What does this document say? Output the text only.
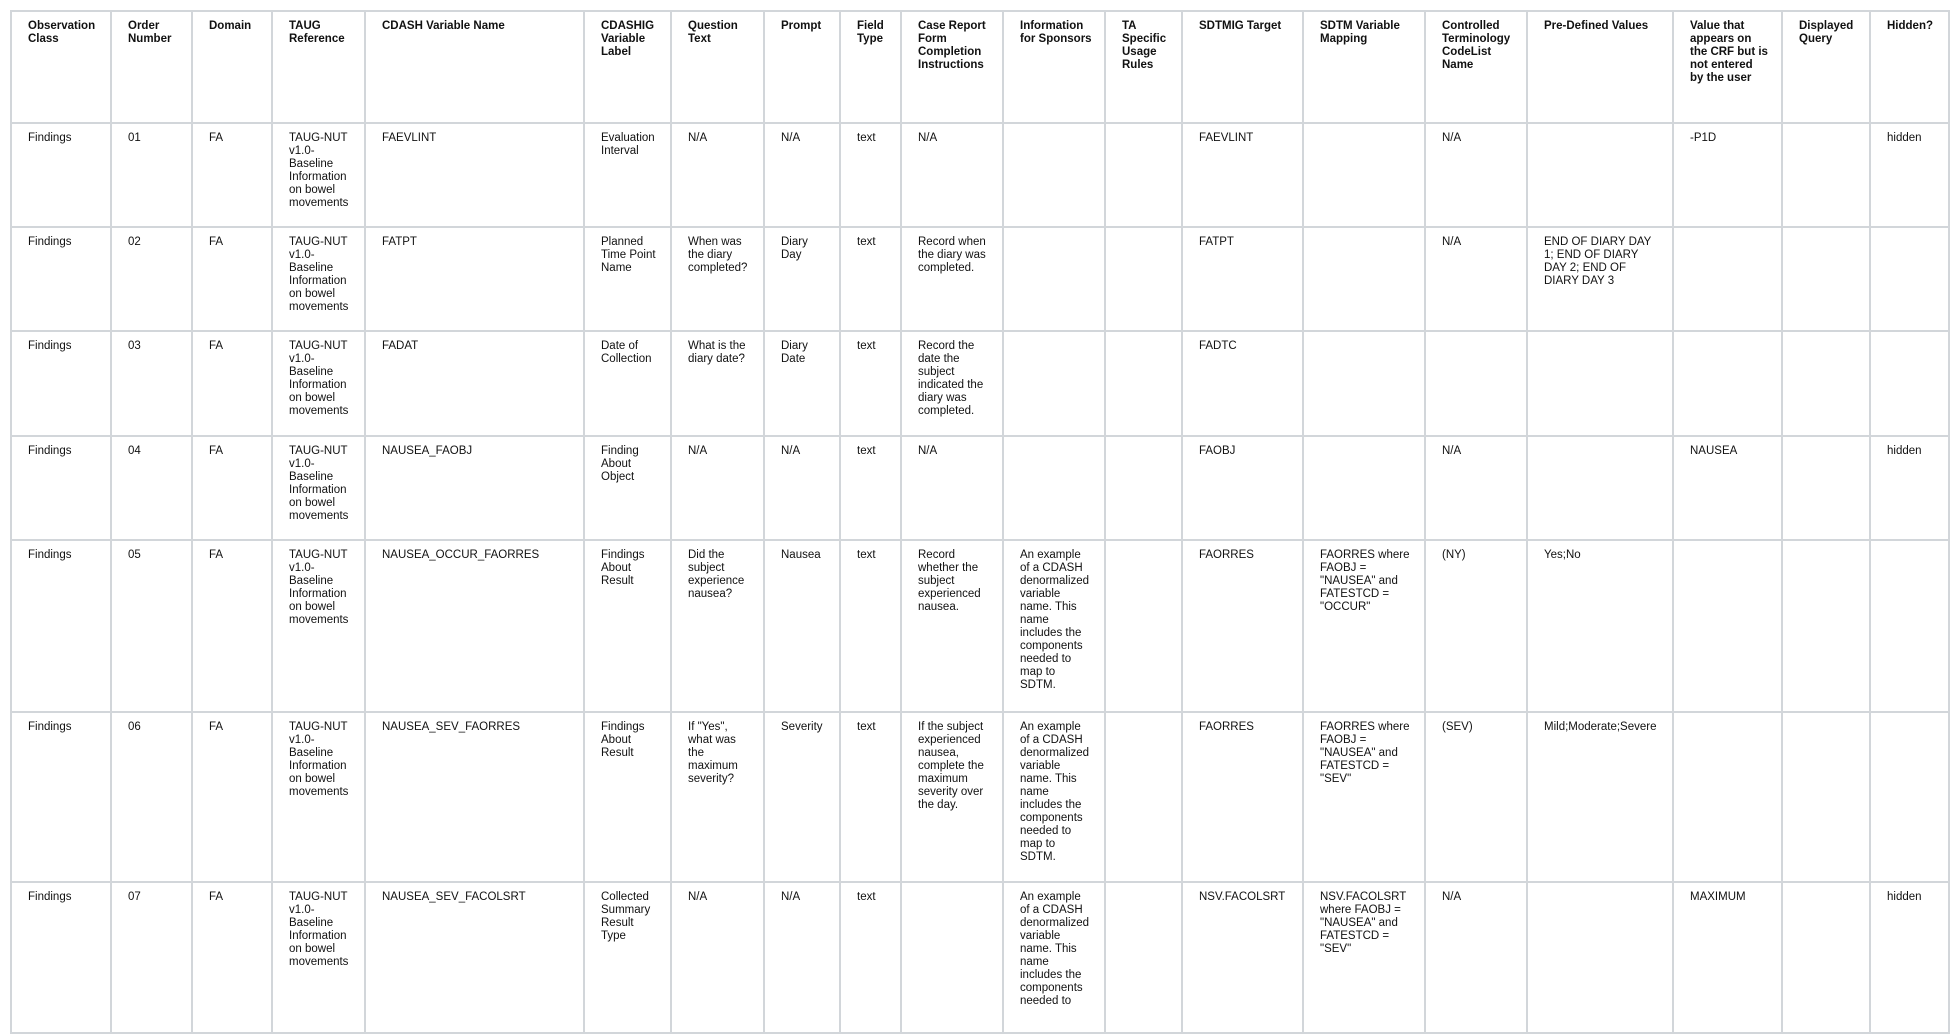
Observation Class	Order Number	Domain	TAUG Reference	CDASH Variable Name	CDASHIG Variable Label	Question Text	Prompt	Field Type	Case Report Form Completion Instructions	Information for Sponsors	TA Specific Usage Rules	SDTMIG Target	SDTM Variable Mapping	Controlled Terminology CodeList Name	Pre-Defined Values	Value that appears on the CRF but is not entered by the user	Displayed Query	Hidden?
Findings	01	FA	TAUG-NUT v1.0- Baseline Information on bowel movements	FAEVLINT	Evaluation Interval	N/A	N/A	text	N/A			FAEVLINT		N/A		-P1D		hidden
Findings	02	FA	TAUG-NUT v1.0- Baseline Information on bowel movements	FATPT	Planned Time Point Name	When was the diary completed?	Diary Day	text	Record when the diary was completed.			FATPT		N/A	END OF DIARY DAY 1; END OF DIARY DAY 2; END OF DIARY DAY 3			
Findings	03	FA	TAUG-NUT v1.0- Baseline Information on bowel movements	FADAT	Date of Collection	What is the diary date?	Diary Date	text	Record the date the subject indicated the diary was completed.			FADTC						
Findings	04	FA	TAUG-NUT v1.0- Baseline Information on bowel movements	NAUSEA_FAOBJ	Finding About Object	N/A	N/A	text	N/A			FAOBJ		N/A		NAUSEA		hidden
Findings	05	FA	TAUG-NUT v1.0- Baseline Information on bowel movements	NAUSEA_OCCUR_FAORRES	Findings About Result	Did the subject experience nausea?	Nausea	text	Record whether the subject experienced nausea.	An example of a CDASH denormalized variable name. This name includes the components needed to map to SDTM.		FAORRES	FAORRES where FAOBJ = "NAUSEA" and FATESTCD = "OCCUR"	(NY)	Yes;No			
Findings	06	FA	TAUG-NUT v1.0- Baseline Information on bowel movements	NAUSEA_SEV_FAORRES	Findings About Result	If "Yes", what was the maximum severity?	Severity	text	If the subject experienced nausea, complete the maximum severity over the day.	An example of a CDASH denormalized variable name. This name includes the components needed to map to SDTM.		FAORRES	FAORRES where FAOBJ = "NAUSEA" and FATESTCD = "SEV"	(SEV)	Mild;Moderate;Severe			
Findings	07	FA	TAUG-NUT v1.0- Baseline Information on bowel movements	NAUSEA_SEV_FACOLSRT	Collected Summary Result Type	N/A	N/A	text		An example of a CDASH denormalized variable name. This name includes the components needed to		NSV.FACOLSRT	NSV.FACOLSRT where FAOBJ = "NAUSEA" and FATESTCD = "SEV"	N/A		MAXIMUM		hidden
